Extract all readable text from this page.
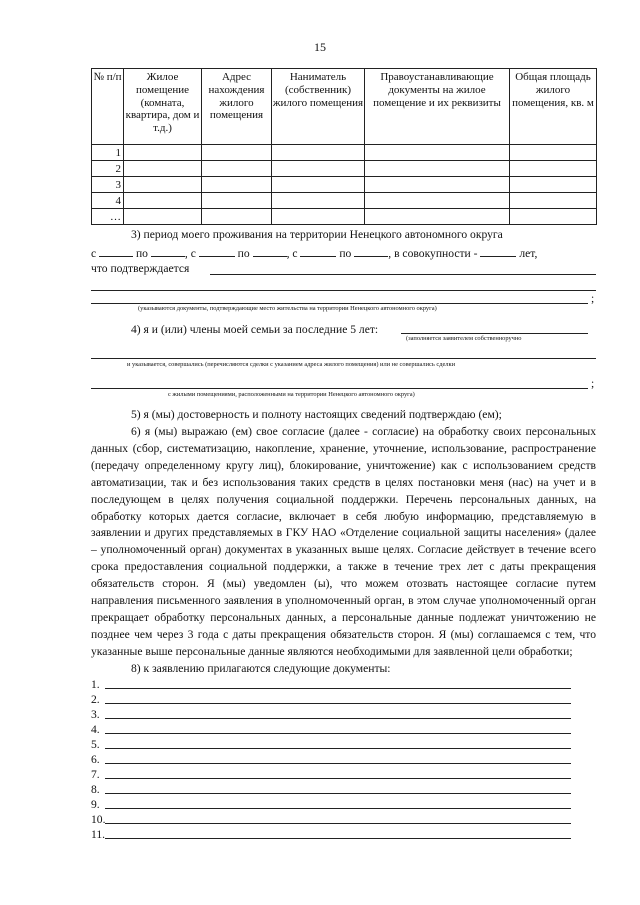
15
№ п/п	Жилое помещение (комната, квартира, дом и т.д.)	Адрес нахождения жилого помещения	Наниматель (собственник) жилого помещения	Правоустанавливающие документы на жилое помещение и их реквизиты	Общая площадь жилого помещения, кв. м
1					
2					
3					
4					
…					
3) период моего проживания на территории Ненецкого автономного округа
с	по	, с	по	, с	по	, в совокупности -	лет,
что подтверждается
;
(указываются документы, подтверждающие место жительства на территории Ненецкого автономного округа)
4) я и (или) члены моей семьи за последние 5 лет:
(заполняется заявителем собственноручно
и указывается, совершались (перечисляются сделки с указанием адреса жилого помещения) или не совершались сделки
;
с жилыми помещениями, расположенными на территории Ненецкого автономного округа)
5) я (мы) достоверность и полноту настоящих сведений подтверждаю (ем);
6) я (мы) выражаю (ем) свое согласие (далее - согласие) на обработку своих персональных данных (сбор, систематизацию, накопление, хранение, уточнение, использование, распространение (передачу определенному кругу лиц), блокирование, уничтожение) как с использованием средств автоматизации, так и без использования таких средств в целях постановки меня (нас) на учет и в последующем в целях получения социальной поддержки. Перечень персональных данных, на обработку которых дается согласие, включает в себя любую информацию, представляемую в заявлении и других представляемых в ГКУ НАО «Отделение социальной защиты населения» (далее – уполномоченный орган) документах в указанных выше целях. Согласие действует в течение всего срока предоставления социальной поддержки, а также в течение трех лет с даты прекращения обязательств сторон. Я (мы) уведомлен (ы), что можем отозвать настоящее согласие путем направления письменного заявления в уполномоченный орган, в этом случае уполномоченный орган прекращает обработку персональных данных, а персональные данные подлежат уничтожению не позднее чем через 3 года с даты прекращения обязательств сторон. Я (мы) соглашаемся с тем, что указанные выше персональные данные являются необходимыми для заявленной цели обработки;
8) к заявлению прилагаются следующие документы:
1.
2.
3.
4.
5.
6.
7.
8.
9.
10.
11.
